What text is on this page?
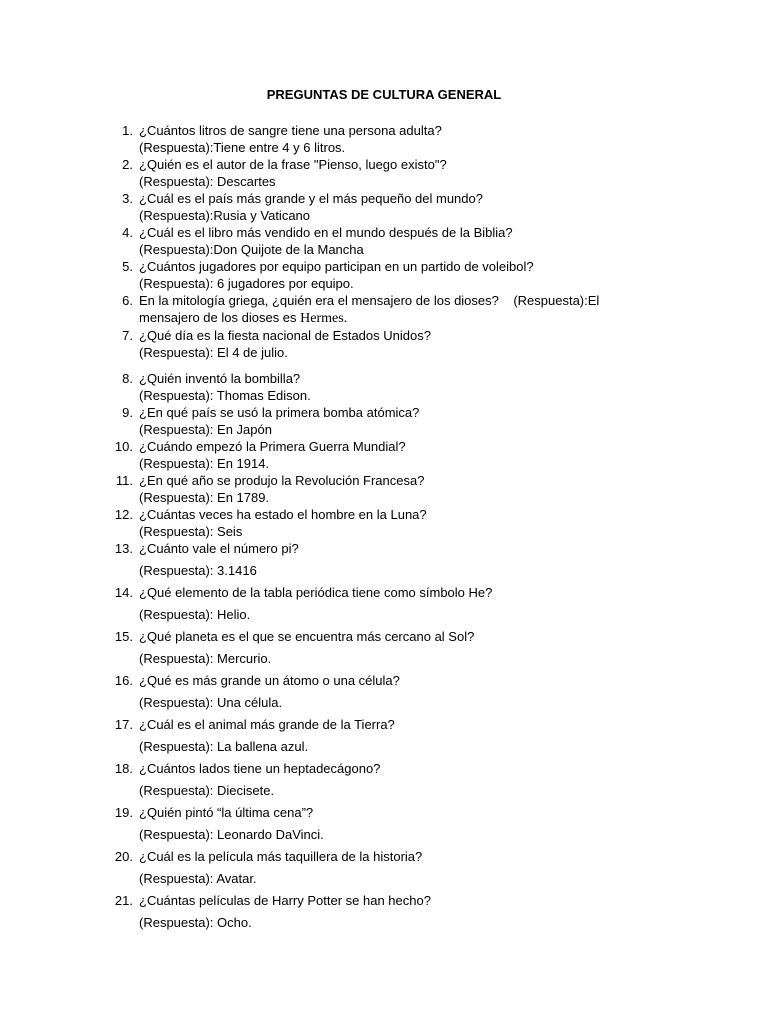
PREGUNTAS DE CULTURA GENERAL
1. ¿Cuántos litros de sangre tiene una persona adulta?
(Respuesta):Tiene entre 4 y 6 litros.
2. ¿Quién es el autor de la frase "Pienso, luego existo"?
(Respuesta): Descartes
3. ¿Cuál es el país más grande y el más pequeño del mundo?
(Respuesta):Rusia y Vaticano
4. ¿Cuál es el libro más vendido en el mundo después de la Biblia?
(Respuesta):Don Quijote de la Mancha
5. ¿Cuántos jugadores por equipo participan en un partido de voleibol?
(Respuesta): 6 jugadores por equipo.
6. En la mitología griega, ¿quién era el mensajero de los dioses? (Respuesta):El mensajero de los dioses es Hermes.
7. ¿Qué día es la fiesta nacional de Estados Unidos?
(Respuesta): El 4 de julio.
8. ¿Quién inventó la bombilla?
(Respuesta): Thomas Edison.
9. ¿En qué país se usó la primera bomba atómica?
(Respuesta): En Japón
10. ¿Cuándo empezó la Primera Guerra Mundial?
(Respuesta): En 1914.
11. ¿En qué año se produjo la Revolución Francesa?
(Respuesta): En 1789.
12. ¿Cuántas veces ha estado el hombre en la Luna?
(Respuesta): Seis
13. ¿Cuánto vale el número pi?
(Respuesta): 3.1416
14. ¿Qué elemento de la tabla periódica tiene como símbolo He?
(Respuesta): Helio.
15. ¿Qué planeta es el que se encuentra más cercano al Sol?
(Respuesta): Mercurio.
16. ¿Qué es más grande un átomo o una célula?
(Respuesta): Una célula.
17. ¿Cuál es el animal más grande de la Tierra?
(Respuesta): La ballena azul.
18. ¿Cuántos lados tiene un heptadecágono?
(Respuesta): Diecisete.
19. ¿Quién pintó “la última cena”?
(Respuesta): Leonardo DaVinci.
20. ¿Cuál es la película más taquillera de la historia?
(Respuesta): Avatar.
21. ¿Cuántas películas de Harry Potter se han hecho?
(Respuesta): Ocho.
